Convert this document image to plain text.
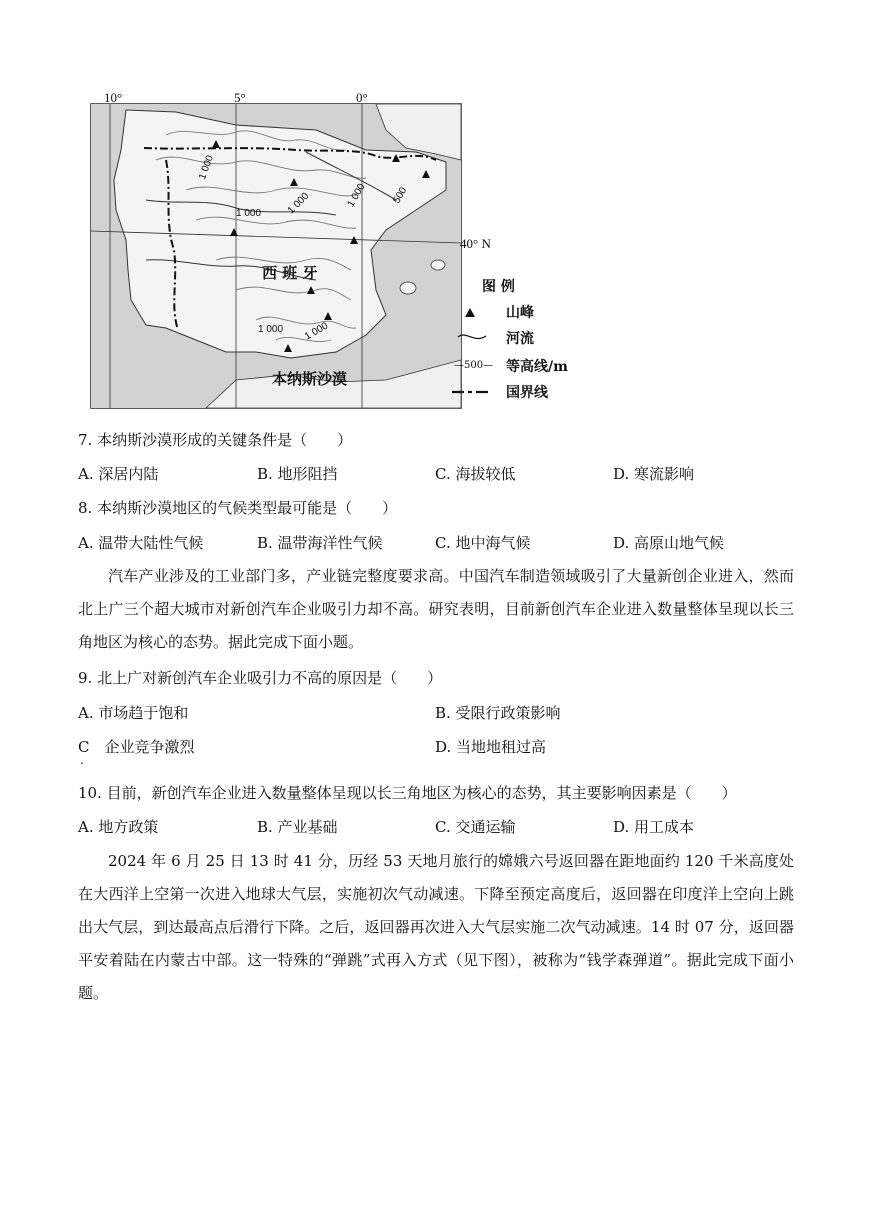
10°	5°	0°
40° N
1 000
1 000 1 000	1 000 500
1 000 1 000
西 班 牙
本纳斯沙漠
图 例
山峰
河流
—500— 等高线/m
国界线
7. 本纳斯沙漠形成的关键条件是（　　）
A. 深居内陆	B. 地形阻挡	C. 海拔较低	D. 寒流影响
8. 本纳斯沙漠地区的气候类型最可能是（　　）
A. 温带大陆性气候	B. 温带海洋性气候	C. 地中海气候	D. 高原山地气候
汽车产业涉及的工业部门多，产业链完整度要求高。中国汽车制造领域吸引了大量新创企业进入，然而北上广三个超大城市对新创汽车企业吸引力却不高。研究表明，目前新创汽车企业进入数量整体呈现以长三角地区为核心的态势。据此完成下面小题。
9. 北上广对新创汽车企业吸引力不高的原因是（　　）
A. 市场趋于饱和	B. 受限行政策影响
C　企业竞争激烈
.
D. 当地地租过高
10. 目前，新创汽车企业进入数量整体呈现以长三角地区为核心的态势，其主要影响因素是（　　）
A. 地方政策	B. 产业基础	C. 交通运输	D. 用工成本
2024 年 6 月 25 日 13 时 41 分，历经 53 天地月旅行的嫦娥六号返回器在距地面约 120 千米高度处在大西洋上空第一次进入地球大气层，实施初次气动减速。下降至预定高度后，返回器在印度洋上空向上跳出大气层，到达最高点后滑行下降。之后，返回器再次进入大气层实施二次气动减速。14 时 07 分，返回器平安着陆在内蒙古中部。这一特殊的“弹跳”式再入方式（见下图），被称为“钱学森弹道”。据此完成下面小题。
